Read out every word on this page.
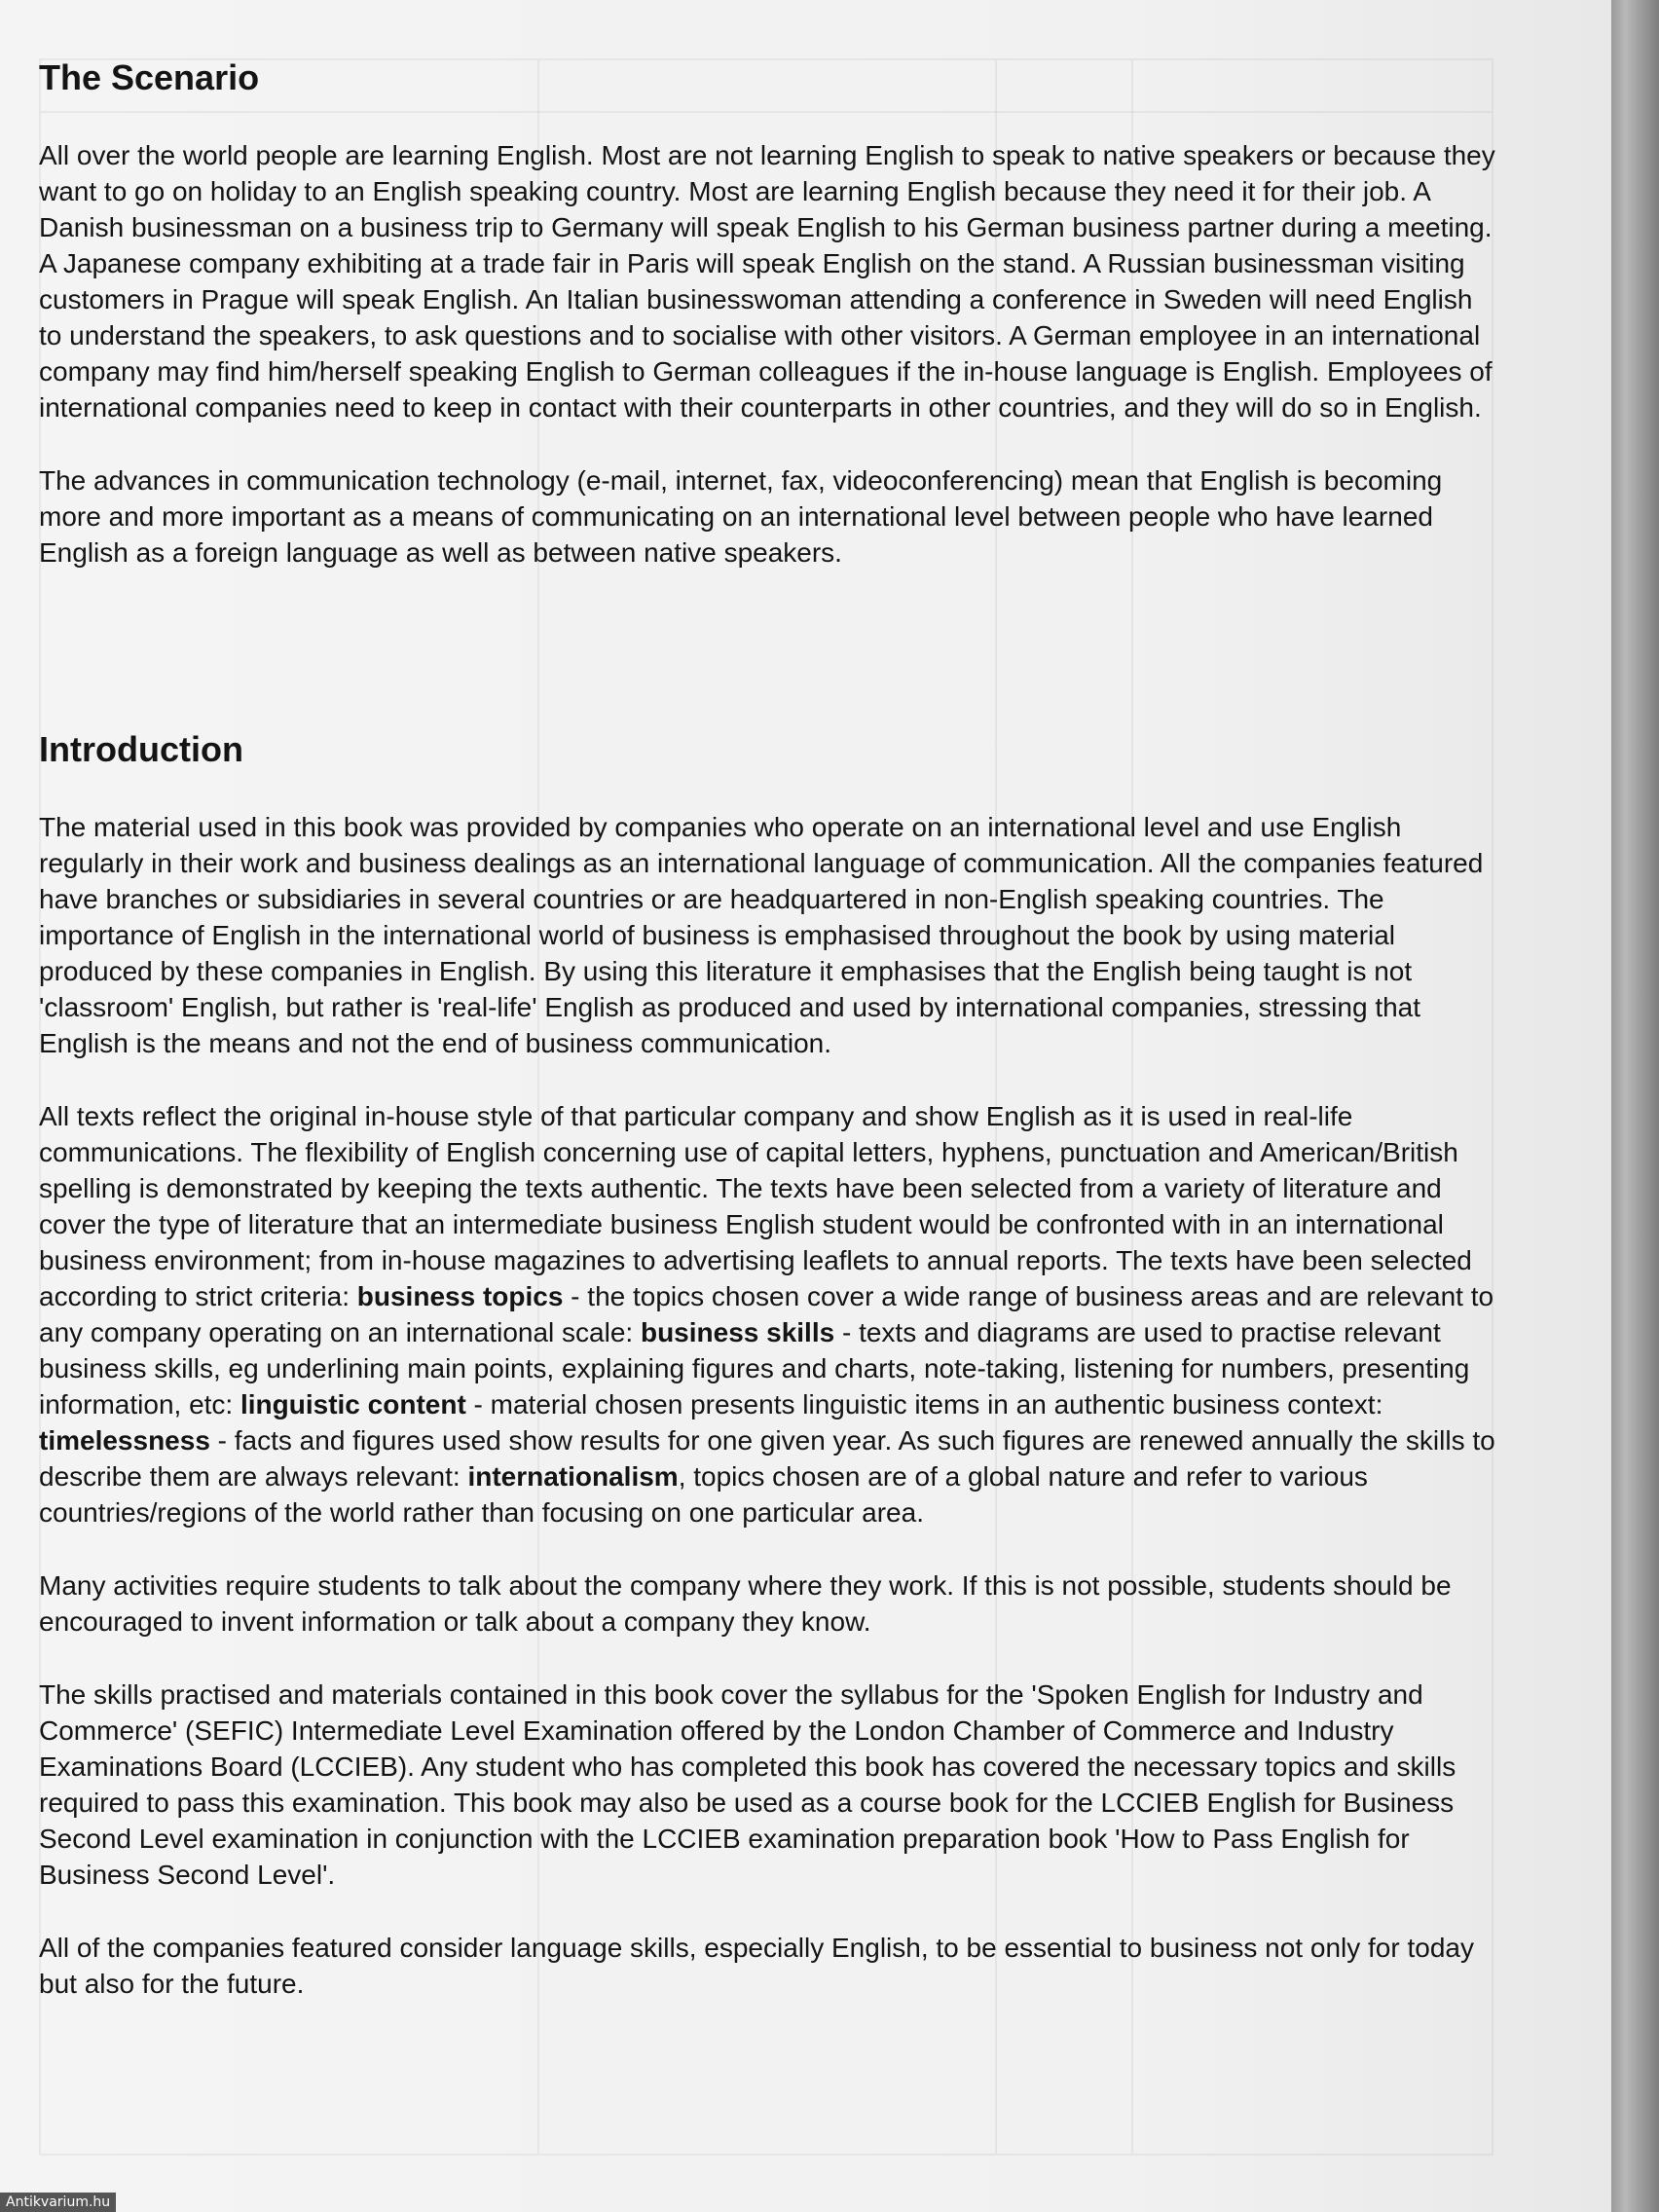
The Scenario

All over the world people are learning English. Most are not learning English to speak to native speakers or because they want to go on holiday to an English speaking country. Most are learning English because they need it for their job. A Danish businessman on a business trip to Germany will speak English to his German business partner during a meeting. A Japanese company exhibiting at a trade fair in Paris will speak English on the stand. A Russian businessman visiting customers in Prague will speak English. An Italian businesswoman attending a conference in Sweden will need English to understand the speakers, to ask questions and to socialise with other visitors. A German employee in an international company may find him/herself speaking English to German colleagues if the in-house language is English. Employees of international companies need to keep in contact with their counterparts in other countries, and they will do so in English.

The advances in communication technology (e-mail, internet, fax, videoconferencing) mean that English is becoming more and more important as a means of communicating on an international level between people who have learned English as a foreign language as well as between native speakers.

Introduction

The material used in this book was provided by companies who operate on an international level and use English regularly in their work and business dealings as an international language of communication. All the companies featured have branches or subsidiaries in several countries or are headquartered in non-English speaking countries. The importance of English in the international world of business is emphasised throughout the book by using material produced by these companies in English. By using this literature it emphasises that the English being taught is not 'classroom' English, but rather is 'real-life' English as produced and used by international companies, stressing that English is the means and not the end of business communication.

All texts reflect the original in-house style of that particular company and show English as it is used in real-life communications. The flexibility of English concerning use of capital letters, hyphens, punctuation and American/British spelling is demonstrated by keeping the texts authentic. The texts have been selected from a variety of literature and cover the type of literature that an intermediate business English student would be confronted with in an international business environment; from in-house magazines to advertising leaflets to annual reports. The texts have been selected according to strict criteria: business topics - the topics chosen cover a wide range of business areas and are relevant to any company operating on an international scale: business skills - texts and diagrams are used to practise relevant business skills, eg underlining main points, explaining figures and charts, note-taking, listening for numbers, presenting information, etc: linguistic content - material chosen presents linguistic items in an authentic business context: timelessness - facts and figures used show results for one given year. As such figures are renewed annually the skills to describe them are always relevant: internationalism, topics chosen are of a global nature and refer to various countries/regions of the world rather than focusing on one particular area.

Many activities require students to talk about the company where they work. If this is not possible, students should be encouraged to invent information or talk about a company they know.

The skills practised and materials contained in this book cover the syllabus for the 'Spoken English for Industry and Commerce' (SEFIC) Intermediate Level Examination offered by the London Chamber of Commerce and Industry Examinations Board (LCCIEB). Any student who has completed this book has covered the necessary topics and skills required to pass this examination. This book may also be used as a course book for the LCCIEB English for Business Second Level examination in conjunction with the LCCIEB examination preparation book 'How to Pass English for Business Second Level'.

All of the companies featured consider language skills, especially English, to be essential to business not only for today but also for the future.

Antikvarium.hu
